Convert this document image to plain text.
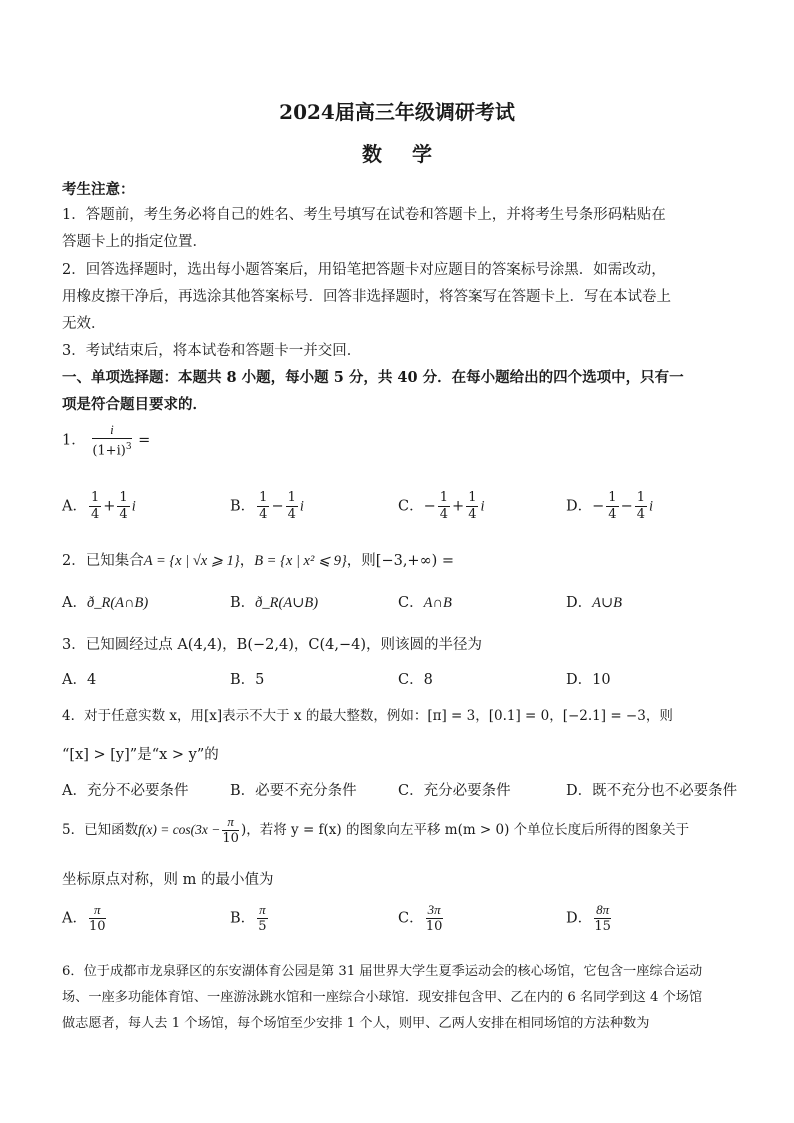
2024届高三年级调研考试
数学
考生注意：
1．答题前，考生务必将自己的姓名、考生号填写在试卷和答题卡上，并将考生号条形码粘贴在
答题卡上的指定位置．
2．回答选择题时，选出每小题答案后，用铅笔把答题卡对应题目的答案标号涂黑．如需改动，
用橡皮擦干净后，再选涂其他答案标号．回答非选择题时，将答案写在答题卡上．写在本试卷上
无效．
3．考试结束后，将本试卷和答题卡一并交回．
一、单项选择题：本题共 8 小题，每小题 5 分，共 40 分．在每小题给出的四个选项中，只有一
项是符合题目要求的．
1． $\frac{i}{(1+i)^3}$ =
A． $\frac{1}{4} + \frac{1}{4}$ i	B． $\frac{1}{4} - \frac{1}{4}$ i	C．− $\frac{1}{4} + \frac{1}{4}$ i	D．− $\frac{1}{4} - \frac{1}{4}$ i
2．已知集合A = {x | √x ⩾ 1}，B = {x | x² ⩽ 9}，则[−3,+∞) =
A．ð_R(A∩B)	B．ð_R(A∪B)	C．A∩B	D．A∪B
3．已知圆经过点 A(4,4)，B(−2,4)，C(4,−4)，则该圆的半径为
A．4	B．5	C．8	D．10
4．对于任意实数 x，用[x]表示不大于 x 的最大整数，例如：[π] = 3，[0.1] = 0，[−2.1] = −3，则
“[x] > [y]”是“x > y”的
A．充分不必要条件	B．必要不充分条件	C．充分必要条件	D．既不充分也不必要条件
5．已知函数$f(x) = \cos(3x - \frac{\pi}{10}$ )，若将 y = f(x) 的图象向左平移 m(m > 0) 个单位长度后所得的图象关于
坐标原点对称，则 m 的最小值为
A． $\frac{\pi}{10}$	B． $\frac{\pi}{5}$	C． $\frac{3\pi}{10}$	D． $\frac{8\pi}{15}$
6．位于成都市龙泉驿区的东安湖体育公园是第 31 届世界大学生夏季运动会的核心场馆，它包含一座综合运动
场、一座多功能体育馆、一座游泳跳水馆和一座综合小球馆．现安排包含甲、乙在内的 6 名同学到这 4 个场馆
做志愿者，每人去 1 个场馆，每个场馆至少安排 1 个人，则甲、乙两人安排在相同场馆的方法种数为
